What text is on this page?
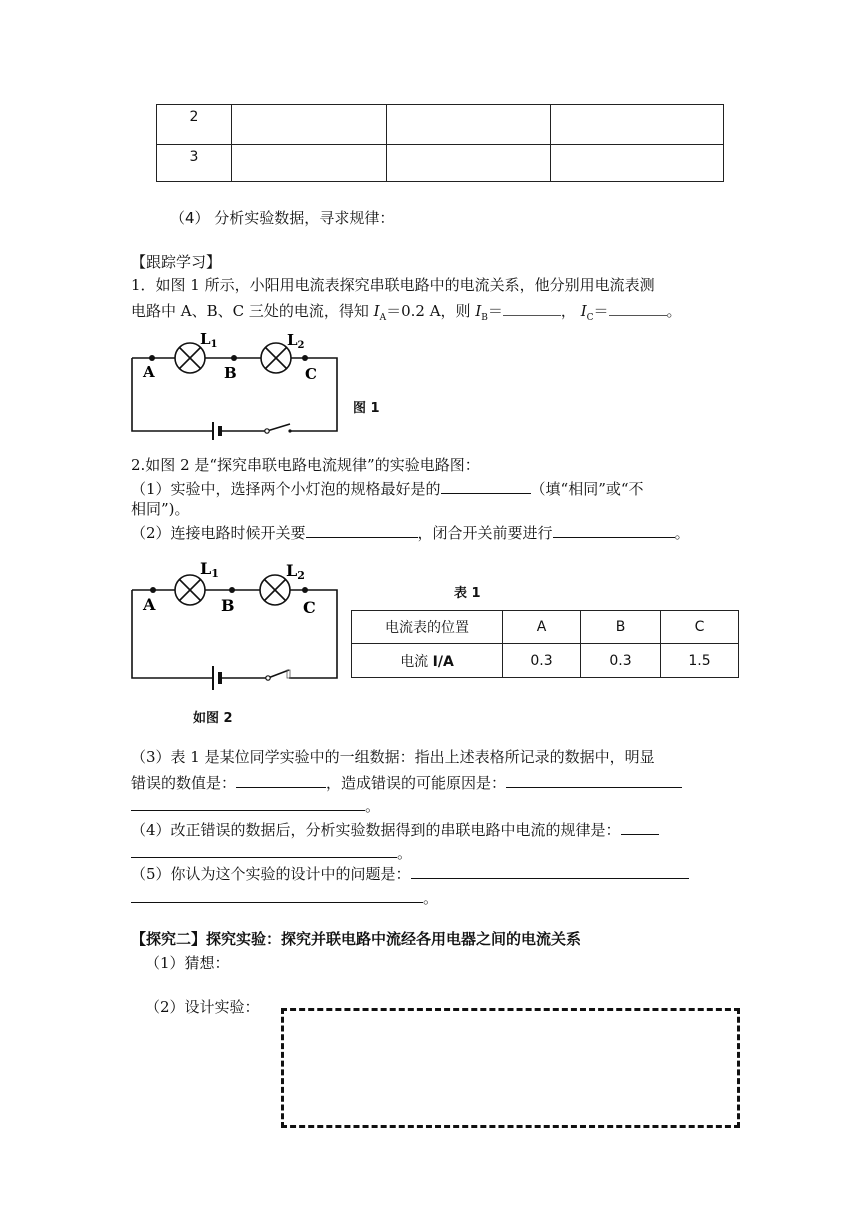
2			
3			
（4） 分析实验数据，寻求规律：
【跟踪学习】
1．如图 1 所示，小阳用电流表探究串联电路中的电流关系，他分别用电流表测
电路中 A、B、C 三处的电流，得知 $I_A=0.2$ A，则 $I_B=$	， $I_C=$	。
$L_1$	$L_2$
A	B	C
图 1
2.如图 2 是“探究串联电路电流规律”的实验电路图：
（1）实验中，选择两个小灯泡的规格最好是的	（填“相同”或“不
相同”)。
（2）连接电路时候开关要	，闭合开关前要进行	。
L1	L2
A	B	C
如图 2
表 1
电流表的位置	A	B	C
电流 I/A	0.3	0.3	1.5
（3）表 1 是某位同学实验中的一组数据：指出上述表格所记录的数据中，明显
错误的数值是：	，造成错误的可能原因是：
。
（4）改正错误的数据后，分析实验数据得到的串联电路中电流的规律是：
。
（5）你认为这个实验的设计中的问题是：
。
【探究二】探究实验：探究并联电路中流经各用电器之间的电流关系
（1）猜想：
（2）设计实验：
